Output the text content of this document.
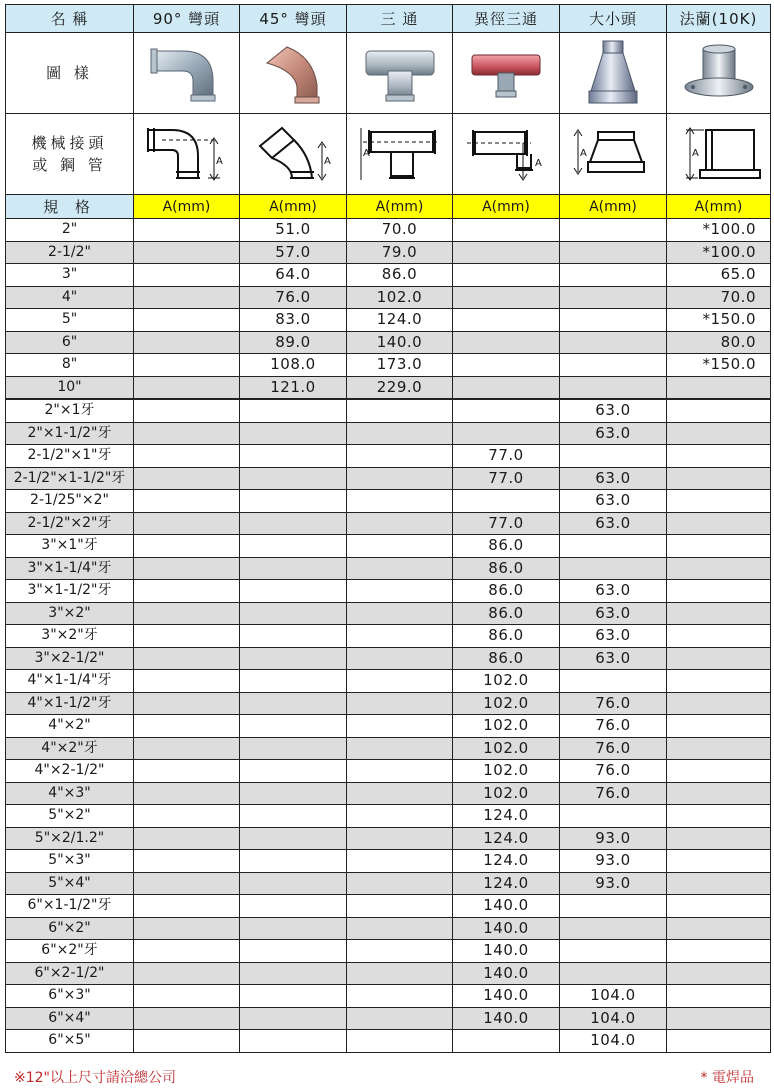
名 稱	90° 彎頭	45° 彎頭	三 通	異徑三通	大小頭	法蘭(10K)
圖 樣	

機械接頭
或 鋼 管	A	A	A	A	A	A

規 格	A(mm)	A(mm)	A(mm)	A(mm)	A(mm)	A(mm)
2"		51.0	70.0			*100.0
2-1/2"		57.0	79.0			*100.0
3"		64.0	86.0			65.0
4"		76.0	102.0			70.0
5"		83.0	124.0			*150.0
6"		89.0	140.0			80.0
8"		108.0	173.0			*150.0
10"		121.0	229.0			
2"×1牙					63.0	
2"×1-1/2"牙					63.0	
2-1/2"×1"牙				77.0		
2-1/2"×1-1/2"牙				77.0	63.0	
2-1/25"×2"					63.0	
2-1/2"×2"牙				77.0	63.0	
3"×1"牙				86.0		
3"×1-1/4"牙				86.0		
3"×1-1/2"牙				86.0	63.0	
3"×2"				86.0	63.0	
3"×2"牙				86.0	63.0	
3"×2-1/2"				86.0	63.0	
4"×1-1/4"牙				102.0		
4"×1-1/2"牙				102.0	76.0	
4"×2"				102.0	76.0	
4"×2"牙				102.0	76.0	
4"×2-1/2"				102.0	76.0	
4"×3"				102.0	76.0	
5"×2"				124.0		
5"×2/1.2"				124.0	93.0	
5"×3"				124.0	93.0	
5"×4"				124.0	93.0	
6"×1-1/2"牙				140.0		
6"×2"				140.0		
6"×2"牙				140.0		
6"×2-1/2"				140.0		
6"×3"				140.0	104.0	
6"×4"				140.0	104.0	
6"×5"					104.0	
※12"以上尺寸請洽總公司	* 電焊品
